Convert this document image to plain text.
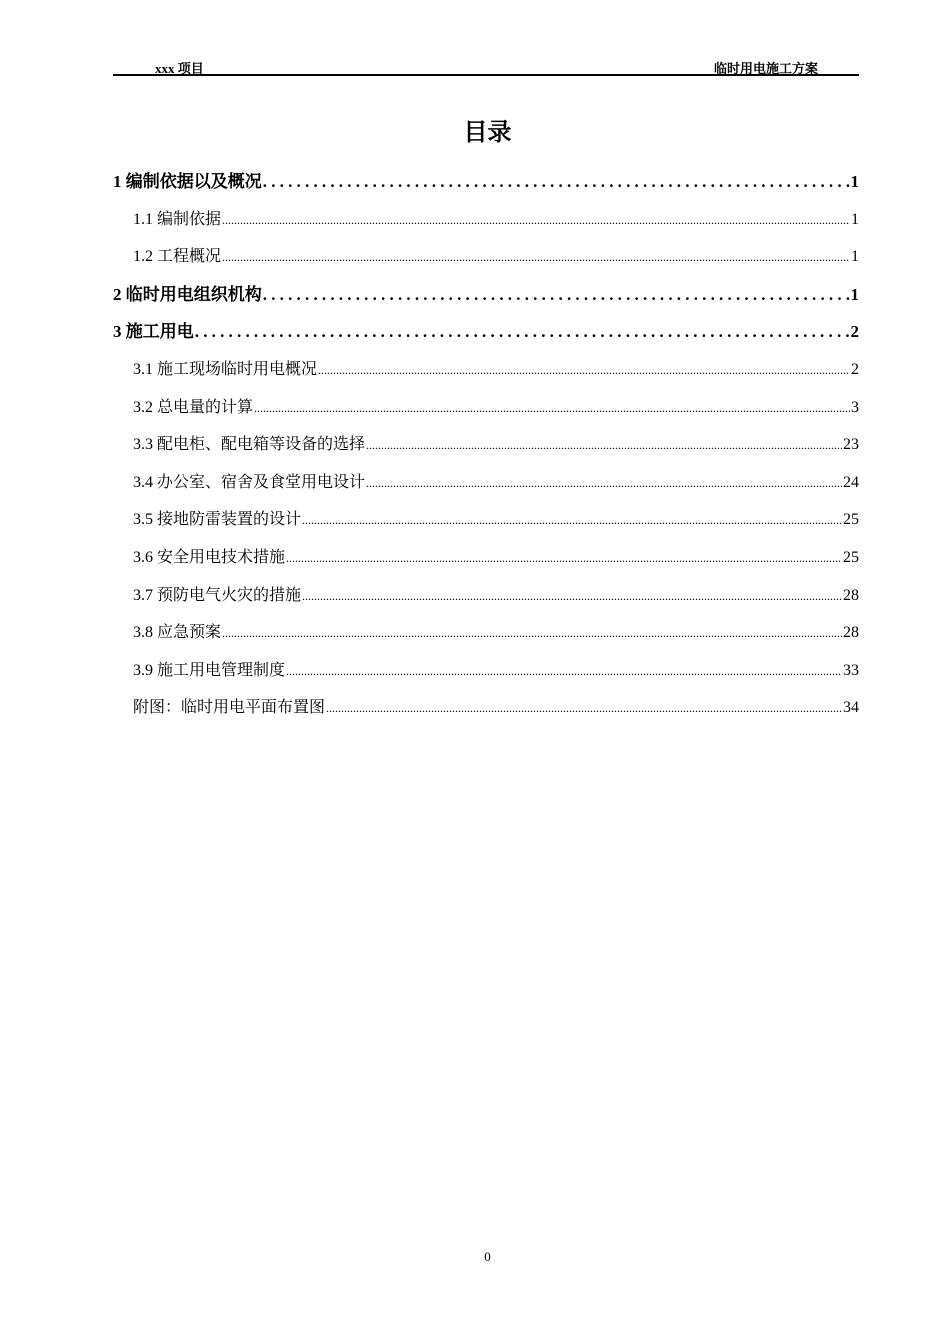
xxx 项目	临时用电施工方案
目录
1 编制依据以及概况 .....	1
1.1 编制依据 .....	1
1.2 工程概况 .....	1
2 临时用电组织机构 .....	1
3 施工用电 .....	2
3.1 施工现场临时用电概况 .....	2
3.2 总电量的计算 .....	3
3.3 配电柜、配电箱等设备的选择 .....	23
3.4 办公室、宿舍及食堂用电设计 .....	24
3.5 接地防雷装置的设计 .....	25
3.6 安全用电技术措施 .....	25
3.7 预防电气火灾的措施 .....	28
3.8 应急预案 .....	28
3.9 施工用电管理制度 .....	33
附图：临时用电平面布置图 .....	34
0
